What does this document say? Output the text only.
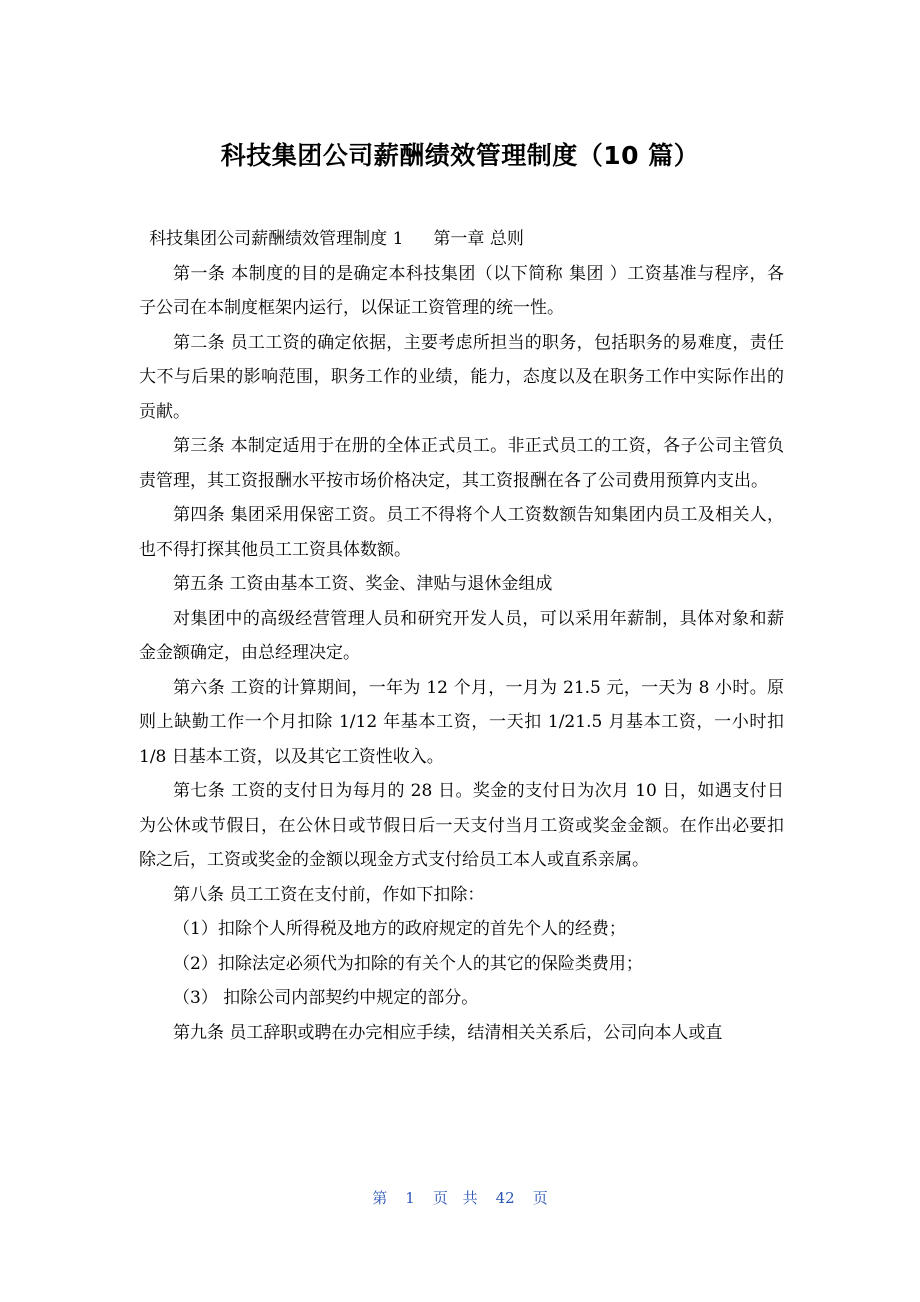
科技集团公司薪酬绩效管理制度（10 篇）

科技集团公司薪酬绩效管理制度 1 第一章 总则

第一条 本制度的目的是确定本科技集团（以下简称 集团 ）工资基准与程序，各子公司在本制度框架内运行，以保证工资管理的统一性。

第二条 员工工资的确定依据，主要考虑所担当的职务，包括职务的易难度，责任大不与后果的影响范围，职务工作的业绩，能力，态度以及在职务工作中实际作出的贡献。

第三条 本制定适用于在册的全体正式员工。非正式员工的工资，各子公司主管负责管理，其工资报酬水平按市场价格决定，其工资报酬在各了公司费用预算内支出。

第四条 集团采用保密工资。员工不得将个人工资数额告知集团内员工及相关人，也不得打探其他员工工资具体数额。

第五条 工资由基本工资、奖金、津贴与退休金组成

对集团中的高级经营管理人员和研究开发人员，可以采用年薪制，具体对象和薪金金额确定，由总经理决定。

第六条 工资的计算期间，一年为 12 个月，一月为 21.5 元，一天为 8 小时。原则上缺勤工作一个月扣除 1/12 年基本工资，一天扣 1/21.5 月基本工资，一小时扣 1/8 日基本工资，以及其它工资性收入。

第七条 工资的支付日为每月的 28 日。奖金的支付日为次月 10 日，如遇支付日为公休或节假日，在公休日或节假日后一天支付当月工资或奖金金额。在作出必要扣除之后，工资或奖金的金额以现金方式支付给员工本人或直系亲属。

第八条 员工工资在支付前，作如下扣除：

（1）扣除个人所得税及地方的政府规定的首先个人的经费；

（2）扣除法定必须代为扣除的有关个人的其它的保险类费用；

（3） 扣除公司内部契约中规定的部分。

第九条 员工辞职或聘在办完相应手续，结清相关关系后，公司向本人或直

第 1 页 共 42 页
